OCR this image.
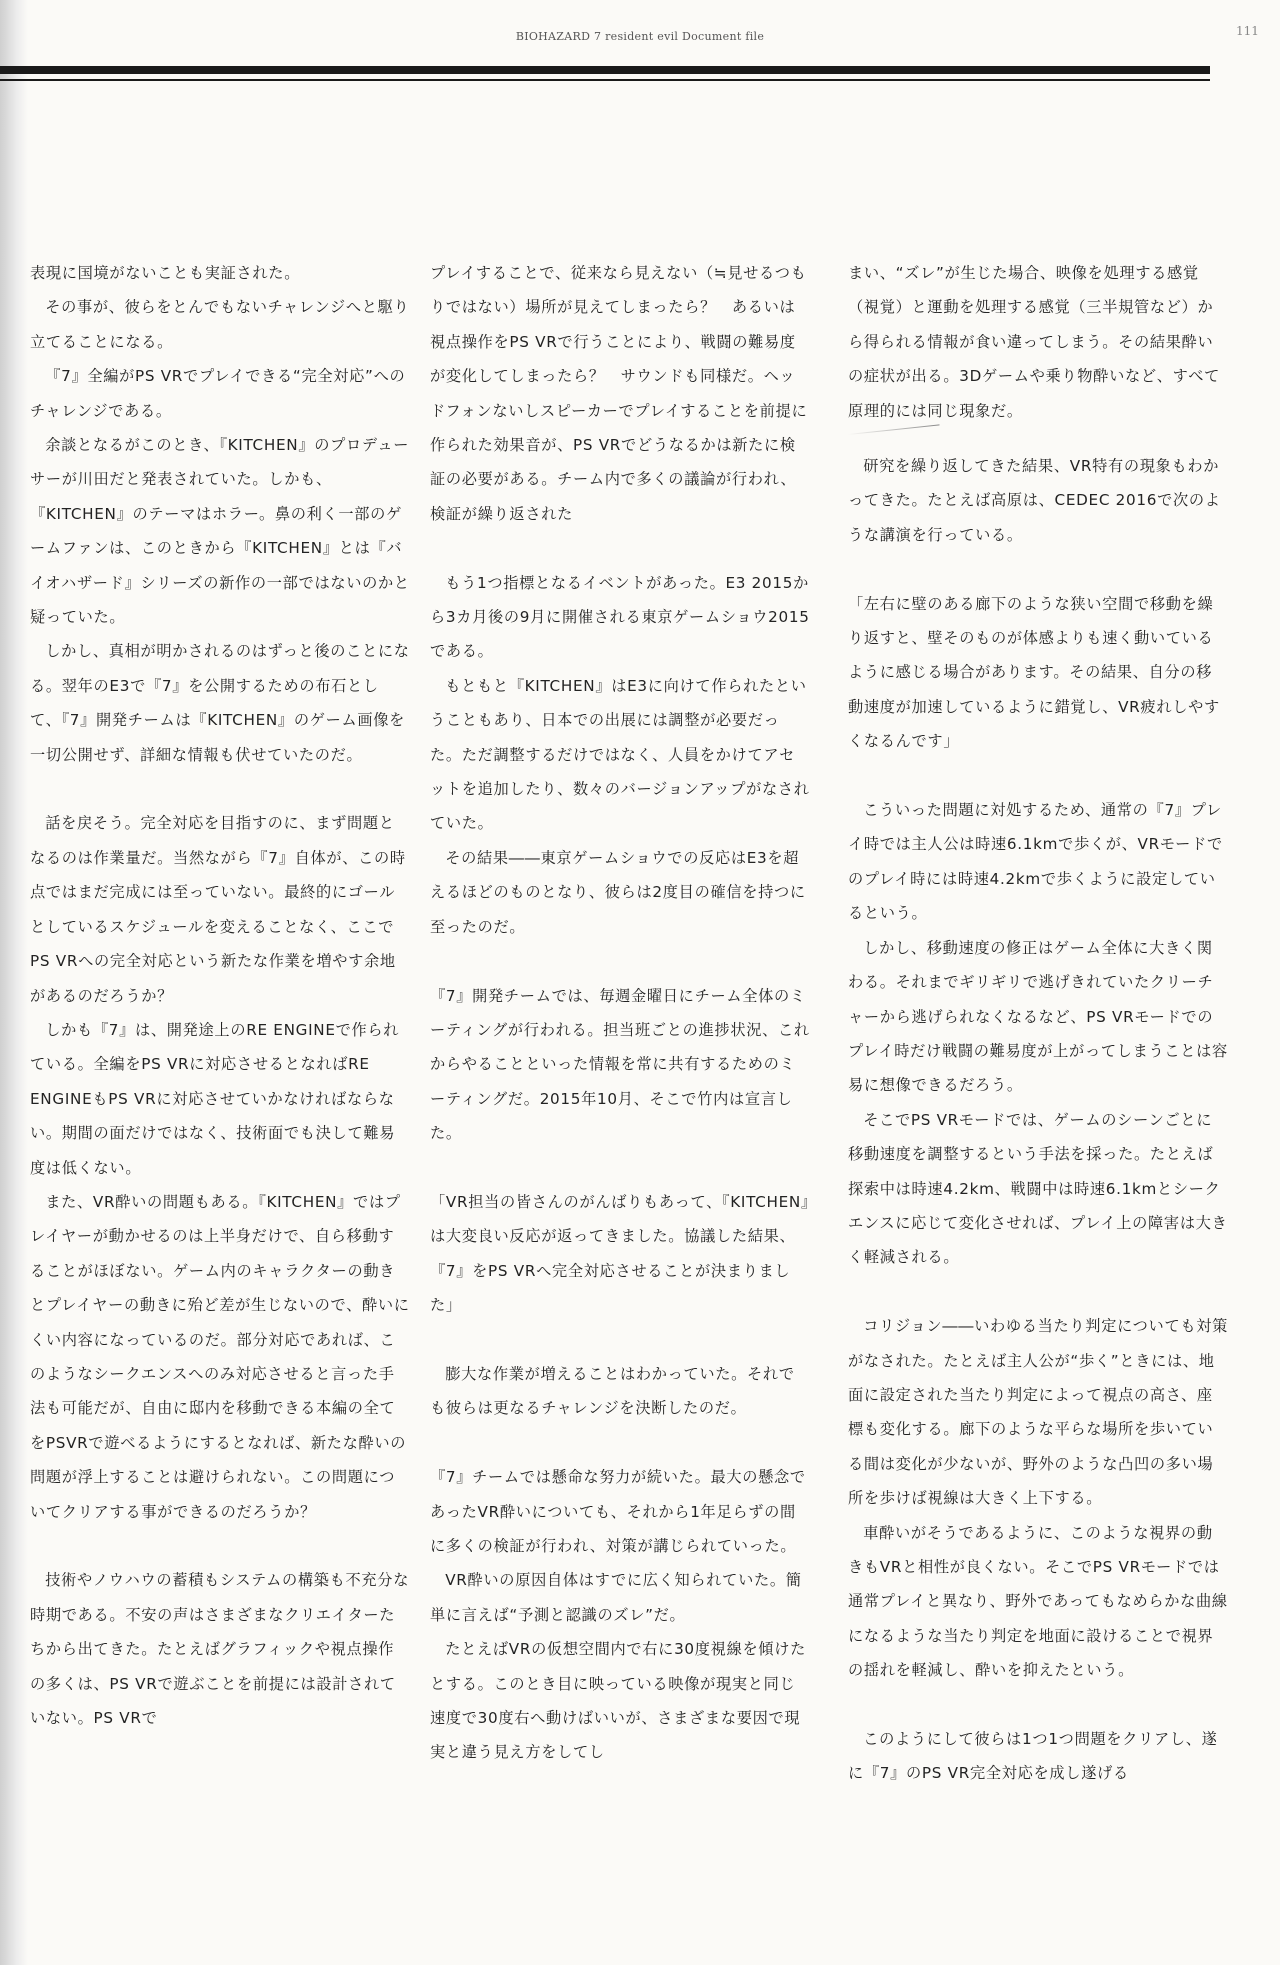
111
BIOHAZARD 7 resident evil Document file

表現に国境がないことも実証された。

その事が、彼らをとんでもないチャレンジへと駆り立てることになる。

『7』全編がPS VRでプレイできる“完全対応”へのチャレンジである。

余談となるがこのとき、『KITCHEN』のプロデューサーが川田だと発表されていた。しかも、『KITCHEN』のテーマはホラー。鼻の利く一部のゲームファンは、このときから『KITCHEN』とは『バイオハザード』シリーズの新作の一部ではないのかと疑っていた。

しかし、真相が明かされるのはずっと後のことになる。翌年のE3で『7』を公開するための布石として、『7』開発チームは『KITCHEN』のゲーム画像を一切公開せず、詳細な情報も伏せていたのだ。

話を戻そう。完全対応を目指すのに、まず問題となるのは作業量だ。当然ながら『7』自体が、この時点ではまだ完成には至っていない。最終的にゴールとしているスケジュールを変えることなく、ここでPS VRへの完全対応という新たな作業を増やす余地があるのだろうか？

しかも『7』は、開発途上のRE ENGINEで作られている。全編をPS VRに対応させるとなればRE ENGINEもPS VRに対応させていかなければならない。期間の面だけではなく、技術面でも決して難易度は低くない。

また、VR酔いの問題もある。『KITCHEN』ではプレイヤーが動かせるのは上半身だけで、自ら移動することがほぼない。ゲーム内のキャラクターの動きとプレイヤーの動きに殆ど差が生じないので、酔いにくい内容になっているのだ。部分対応であれば、このようなシークエンスへのみ対応させると言った手法も可能だが、自由に邸内を移動できる本編の全てをPSVRで遊べるようにするとなれば、新たな酔いの問題が浮上することは避けられない。この問題についてクリアする事ができるのだろうか？

技術やノウハウの蓄積もシステムの構築も不充分な時期である。不安の声はさまざまなクリエイターたちから出てきた。たとえばグラフィックや視点操作の多くは、PS VRで遊ぶことを前提には設計されていない。PS VRで

プレイすることで、従来なら見えない（≒見せるつもりではない）場所が見えてしまったら？　あるいは視点操作をPS VRで行うことにより、戦闘の難易度が変化してしまったら？　サウンドも同様だ。ヘッドフォンないしスピーカーでプレイすることを前提に作られた効果音が、PS VRでどうなるかは新たに検証の必要がある。チーム内で多くの議論が行われ、検証が繰り返された

もう1つ指標となるイベントがあった。E3 2015から3カ月後の9月に開催される東京ゲームショウ2015である。

もともと『KITCHEN』はE3に向けて作られたということもあり、日本での出展には調整が必要だった。ただ調整するだけではなく、人員をかけてアセットを追加したり、数々のバージョンアップがなされていた。

その結果――東京ゲームショウでの反応はE3を超えるほどのものとなり、彼らは2度目の確信を持つに至ったのだ。

『7』開発チームでは、毎週金曜日にチーム全体のミーティングが行われる。担当班ごとの進捗状況、これからやることといった情報を常に共有するためのミーティングだ。2015年10月、そこで竹内は宣言した。

「VR担当の皆さんのがんばりもあって、『KITCHEN』は大変良い反応が返ってきました。協議した結果、『7』をPS VRへ完全対応させることが決まりました」

膨大な作業が増えることはわかっていた。それでも彼らは更なるチャレンジを決断したのだ。

『7』チームでは懸命な努力が続いた。最大の懸念であったVR酔いについても、それから1年足らずの間に多くの検証が行われ、対策が講じられていった。

VR酔いの原因自体はすでに広く知られていた。簡単に言えば“予測と認識のズレ”だ。

たとえばVRの仮想空間内で右に30度視線を傾けたとする。このとき目に映っている映像が現実と同じ速度で30度右へ動けばいいが、さまざまな要因で現実と違う見え方をしてし

まい、“ズレ”が生じた場合、映像を処理する感覚（視覚）と運動を処理する感覚（三半規管など）から得られる情報が食い違ってしまう。その結果酔いの症状が出る。3Dゲームや乗り物酔いなど、すべて原理的には同じ現象だ。

研究を繰り返してきた結果、VR特有の現象もわかってきた。たとえば高原は、CEDEC 2016で次のような講演を行っている。

「左右に壁のある廊下のような狭い空間で移動を繰り返すと、壁そのものが体感よりも速く動いているように感じる場合があります。その結果、自分の移動速度が加速しているように錯覚し、VR疲れしやすくなるんです」

こういった問題に対処するため、通常の『7』プレイ時では主人公は時速6.1kmで歩くが、VRモードでのプレイ時には時速4.2kmで歩くように設定しているという。

しかし、移動速度の修正はゲーム全体に大きく関わる。それまでギリギリで逃げきれていたクリーチャーから逃げられなくなるなど、PS VRモードでのプレイ時だけ戦闘の難易度が上がってしまうことは容易に想像できるだろう。

そこでPS VRモードでは、ゲームのシーンごとに移動速度を調整するという手法を採った。たとえば探索中は時速4.2km、戦闘中は時速6.1kmとシークエンスに応じて変化させれば、プレイ上の障害は大きく軽減される。

コリジョン――いわゆる当たり判定についても対策がなされた。たとえば主人公が“歩く”ときには、地面に設定された当たり判定によって視点の高さ、座標も変化する。廊下のような平らな場所を歩いている間は変化が少ないが、野外のような凸凹の多い場所を歩けば視線は大きく上下する。

車酔いがそうであるように、このような視界の動きもVRと相性が良くない。そこでPS VRモードでは通常プレイと異なり、野外であってもなめらかな曲線になるような当たり判定を地面に設けることで視界の揺れを軽減し、酔いを抑えたという。

このようにして彼らは1つ1つ問題をクリアし、遂に『7』のPS VR完全対応を成し遂げる
